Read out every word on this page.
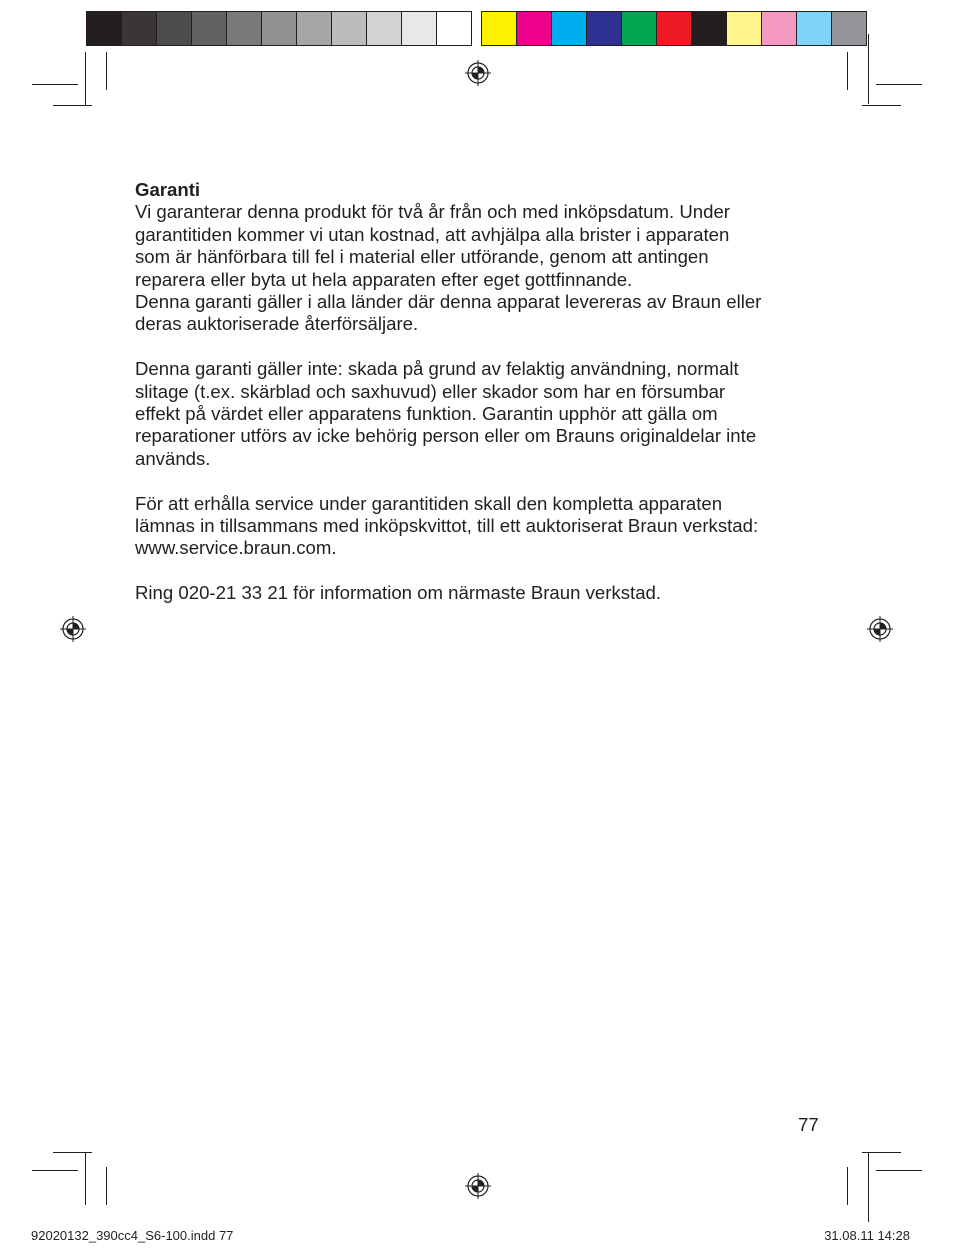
Garanti

Vi garanterar denna produkt för två år från och med inköpsdatum. Under

garantitiden kommer vi utan kostnad, att avhjälpa alla brister i apparaten

som är hänförbara till fel i material eller utförande, genom att antingen

reparera eller byta ut hela apparaten efter eget gottfinnande.

Denna garanti gäller i alla länder där denna apparat levereras av Braun eller

deras auktoriserade återförsäljare.

Denna garanti gäller inte: skada på grund av felaktig användning, normalt

slitage (t.ex. skärblad och saxhuvud) eller skador som har en försumbar

effekt på värdet eller apparatens funktion. Garantin upphör att gälla om

reparationer utförs av icke behörig person eller om Brauns originaldelar inte

används.

För att erhålla service under garantitiden skall den kompletta apparaten

lämnas in tillsammans med inköpskvittot, till ett auktoriserat Braun verkstad:

www.service.braun.com.

Ring 020-21 33 21 för information om närmaste Braun verkstad.

77
92020132_390cc4_S6-100.indd 77	31.08.11 14:28
